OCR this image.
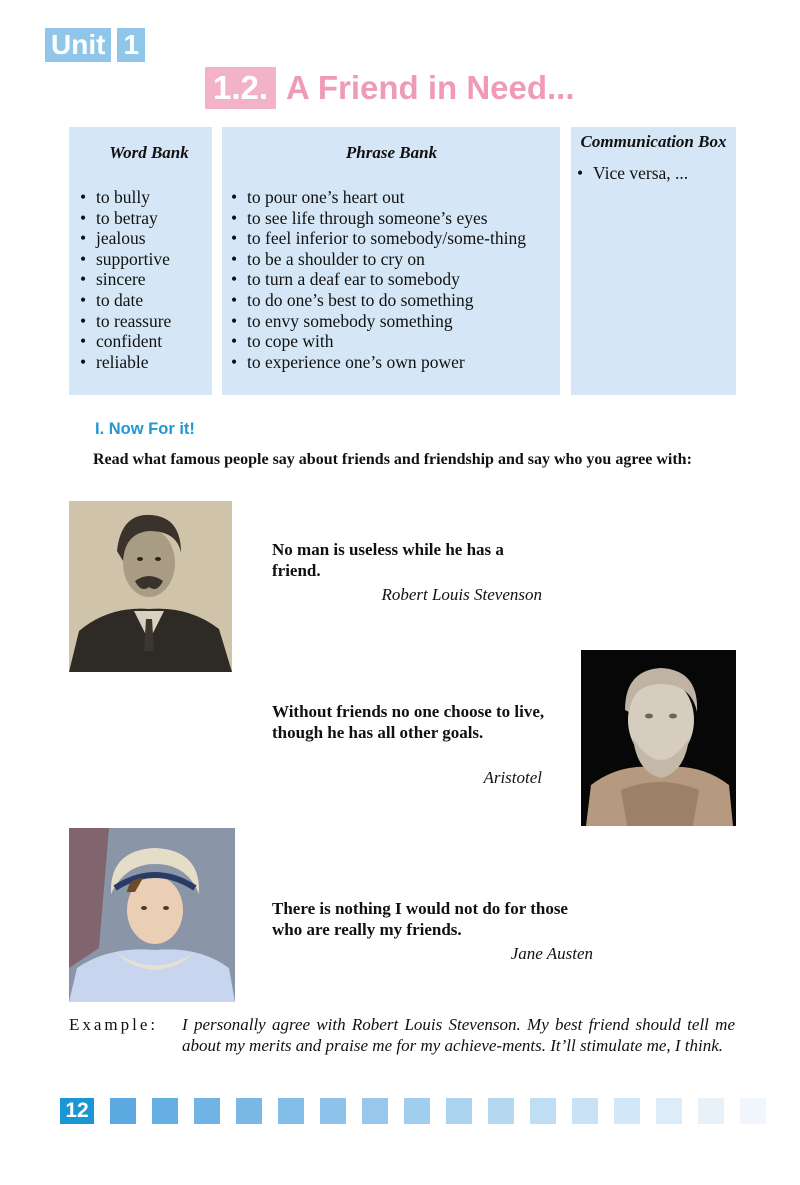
Unit 1
1.2. A Friend in Need...
Word Bank
• to bully
• to betray
• jealous
• supportive
• sincere
• to date
• to reassure
• confident
• reliable
Phrase Bank
• to pour one’s heart out
• to see life through someone’s eyes
• to feel inferior to somebody/some-thing
• to be a shoulder to cry on
• to turn a deaf ear to somebody
• to do one’s best to do something
• to envy somebody something
• to cope with
• to experience one’s own power
Communication Box
• Vice versa, ...
I. Now For it!
Read what famous people say about friends and friendship and say who you agree with:
No man is useless while he has a friend.
Robert Louis Stevenson
Without friends no one choose to live, though he has all other goals.
Aristotel
There is nothing I would not do for those who are really my friends.
Jane Austen
Example: I personally agree with Robert Louis Stevenson. My best friend should tell me about my merits and praise me for my achieve-ments. It’ll stimulate me, I think.
12
